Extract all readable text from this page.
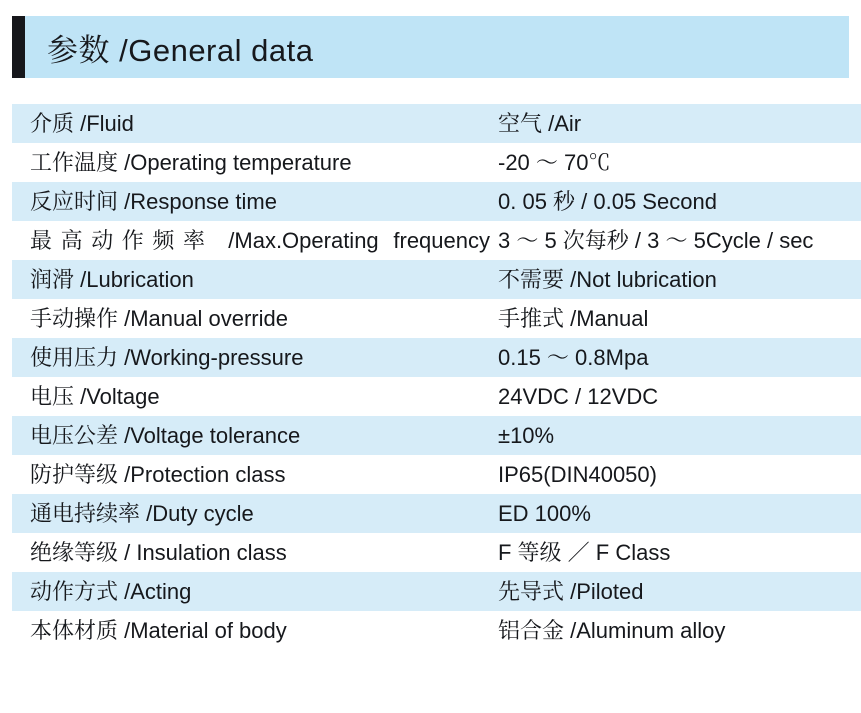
参数 /General data
介质 /Fluid	空气 /Air
工作温度 /Operating temperature	-20 ～ 70℃
反应时间 /Response time	0. 05 秒 / 0.05 Second

最高动作频率 /Max.Operating frequency	3 ～ 5 次每秒 / 3 ～ 5Cycle / sec
润滑 /Lubrication	不需要 /Not lubrication
手动操作 /Manual override	手推式 /Manual
使用压力 /Working-pressure	0.15 ～ 0.8Mpa
电压 /Voltage	24VDC / 12VDC
电压公差 /Voltage tolerance	±10%
防护等级 /Protection class	IP65(DIN40050)
通电持续率 /Duty cycle	ED 100%
绝缘等级 / Insulation class	F 等级 ／ F Class
动作方式 /Acting	先导式 /Piloted
本体材质 /Material of body	铝合金 /Aluminum alloy
